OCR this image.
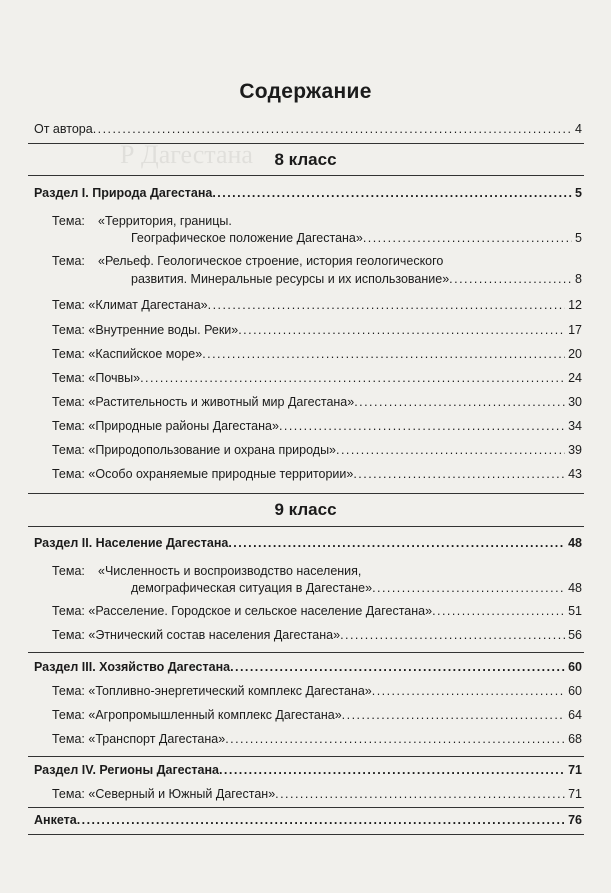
Р Дагестана
Содержание
От автора . . .	4
8 класс
Раздел I. Природа Дагестана . . .	5
Тема: «Территория, границы.
Географическое положение Дагестана» . . .	5
Тема: «Рельеф. Геологическое строение, история геологического
развития. Минеральные ресурсы и их использование» . . .	8
Тема:
«Климат Дагестана» . . .	12
Тема:
«Внутренние воды. Реки» . . .	17
Тема:
«Каспийское море» . . .	20
Тема:
«Почвы» . . .	24
Тема:
«Растительность и животный мир Дагестана» . . .	30
Тема:
«Природные районы Дагестана» . . .	34
Тема:
«Природопользование и охрана природы» . . .	39
Тема:
«Особо охраняемые природные территории» . . .	43
9 класс
Раздел II. Население Дагестана . . .	48
Тема: «Численность и воспроизводство населения,
демографическая ситуация в Дагестане» . . .	48
Тема:
«Расселение. Городское и сельское население Дагестана» . . .	51
Тема:
«Этнический состав населения Дагестана» . . .	56
Раздел III. Хозяйство Дагестана . . .	60
Тема:
«Топливно-энергетический комплекс Дагестана» . . .	60
Тема:
«Агропромышленный комплекс Дагестана» . . .	64
Тема:
«Транспорт Дагестана» . . .	68
Раздел IV. Регионы Дагестана . . .	71
Тема:
«Северный и Южный Дагестан» . . .	71
Анкета . . .	76
